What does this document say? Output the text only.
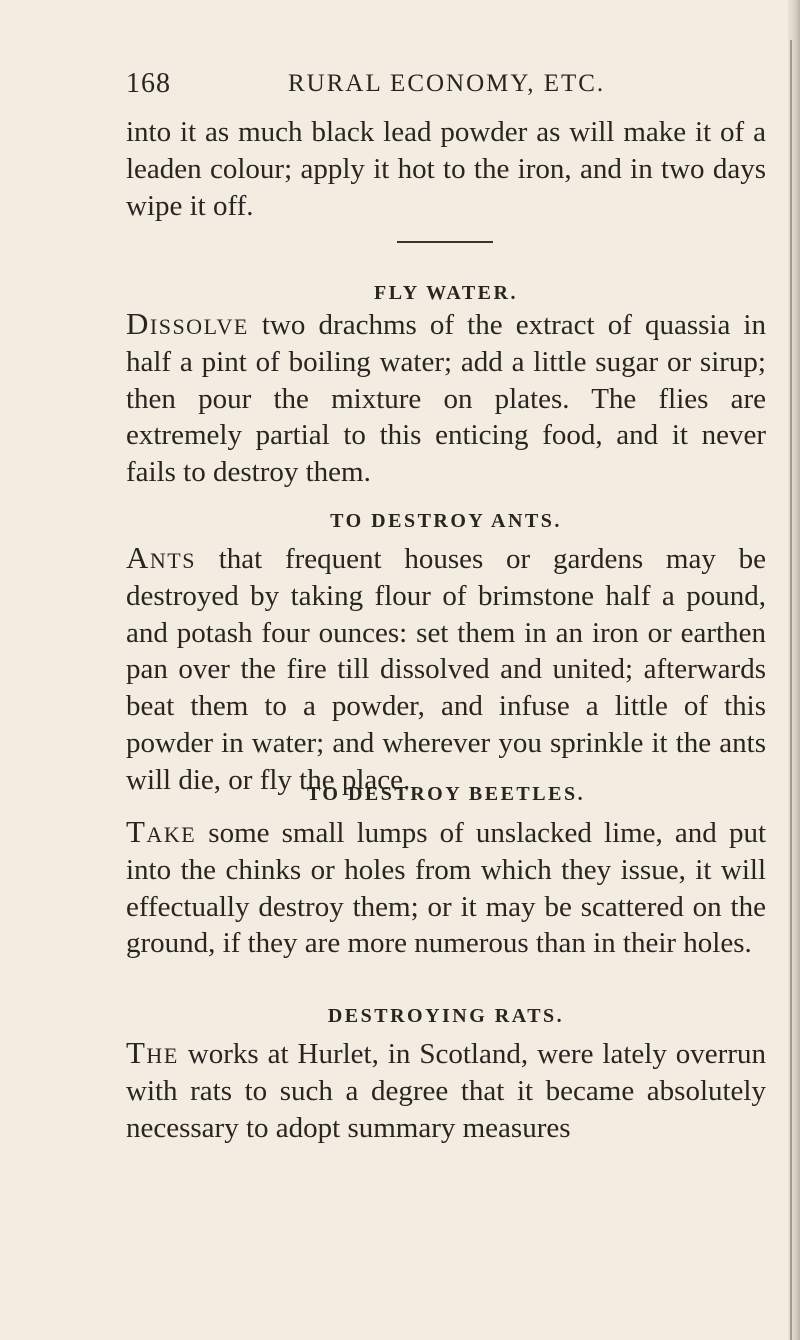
168	RURAL ECONOMY, ETC.

into it as much black lead powder as will make it of a leaden colour; apply it hot to the iron, and in two days wipe it off.

FLY WATER.

Dissolve two drachms of the extract of quassia in half a pint of boiling water; add a little sugar or sirup; then pour the mixture on plates. The flies are extremely partial to this enticing food, and it never fails to destroy them.

TO DESTROY ANTS.

Ants that frequent houses or gardens may be destroyed by taking flour of brimstone half a pound, and potash four ounces: set them in an iron or earthen pan over the fire till dissolved and united; afterwards beat them to a powder, and infuse a little of this powder in water; and wherever you sprinkle it the ants will die, or fly the place.

TO DESTROY BEETLES.

Take some small lumps of unslacked lime, and put into the chinks or holes from which they issue, it will effectually destroy them; or it may be scattered on the ground, if they are more numerous than in their holes.

DESTROYING RATS.

The works at Hurlet, in Scotland, were lately overrun with rats to such a degree that it became absolutely necessary to adopt summary measures
